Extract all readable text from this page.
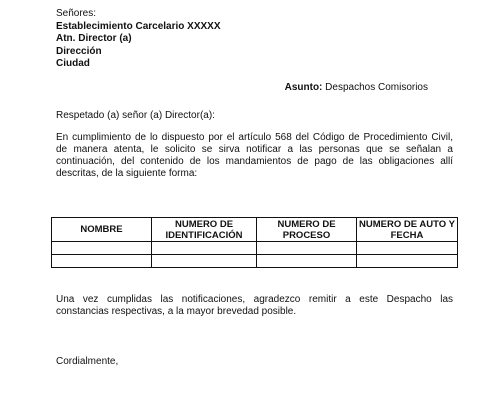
Señores:
Establecimiento Carcelario XXXXX
Atn. Director (a)
Dirección
Ciudad
Asunto: Despachos Comisorios
Respetado (a) señor (a) Director(a):

En cumplimiento de lo dispuesto por el artículo 568 del Código de Procedimiento Civil,

de manera atenta, le solicito se sirva notificar a las personas que se señalan a

continuación, del contenido de los mandamientos de pago de las obligaciones allí

descritas, de la siguiente forma:

NOMBRE	NUMERO DE IDENTIFICACIÓN	NUMERO DE PROCESO	NUMERO DE AUTO Y FECHA

Una vez cumplidas las notificaciones, agradezco remitir a este Despacho las

constancias respectivas, a la mayor brevedad posible.

Cordialmente,
